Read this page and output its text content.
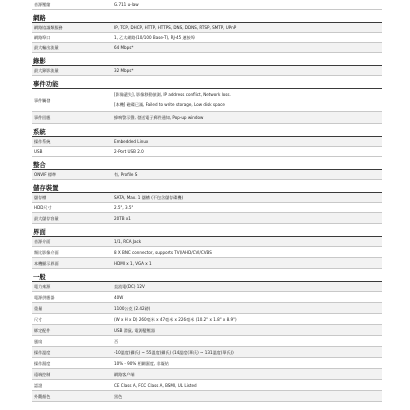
音源壓縮	G.711 u-law
網路
網路協議類服務	IP, TCP, DHCP, HTTP, HTTPS, DNS, DDNS, RTSP, SMTP, UPnP
網路埠口	1, 乙太網路(10/100 Base-T), RJ-45 連接埠
最大輸出流量	64 Mbps*
錄影
最大錄影流量	32 Mbps*
事件功能
事件觸發
[影像遺失], 影像移動偵測, IP address conflict, Network loss.
[本機] 磁碟已滿, Failed to write storage, Low disk space
事件回應	蜂鳴警示聲, 發送電子郵件通知, Pop-up window
系統
操作系統	Embedded Linux
USB	2-Port USB 2.0
整合
ONVIF 標準	有, Profile S
儲存裝置
儲存槽	SATA, Max. 1 儲槽 (不包含儲存碟機)
HDD尺寸	2.5", 3.5"
最大儲存容量	20TB x1
界面
音源介面	1/1, RCA Jack
類比影像介面	8 X BNC connector, supports TVI/AHD/CVI/CVBS
本機顯示界面	HDMI x 1, VGA x 1
一般
電力來源	直流電(DC) 12V
電源供應器	40W
重量	1100公克 (2.42磅)
尺寸	(W x H x D) 260毫米 x 47毫米 x 226毫米 (10.2" x 1.8" x 8.9")
綁定配件	USB 滑鼠, 電源變壓器
風扇	否
操作溫度	-10溫度(攝氏) ~ 55溫度(攝氏) (14溫度(華氏) ~ 131溫度(華氏))
操作濕度	10% - 90% 相關濕度, 非凝結
遠端控制	網路客户端
認證	CE Class A, FCC Class A, BSMI, UL Listed
外觀顏色	黑色
